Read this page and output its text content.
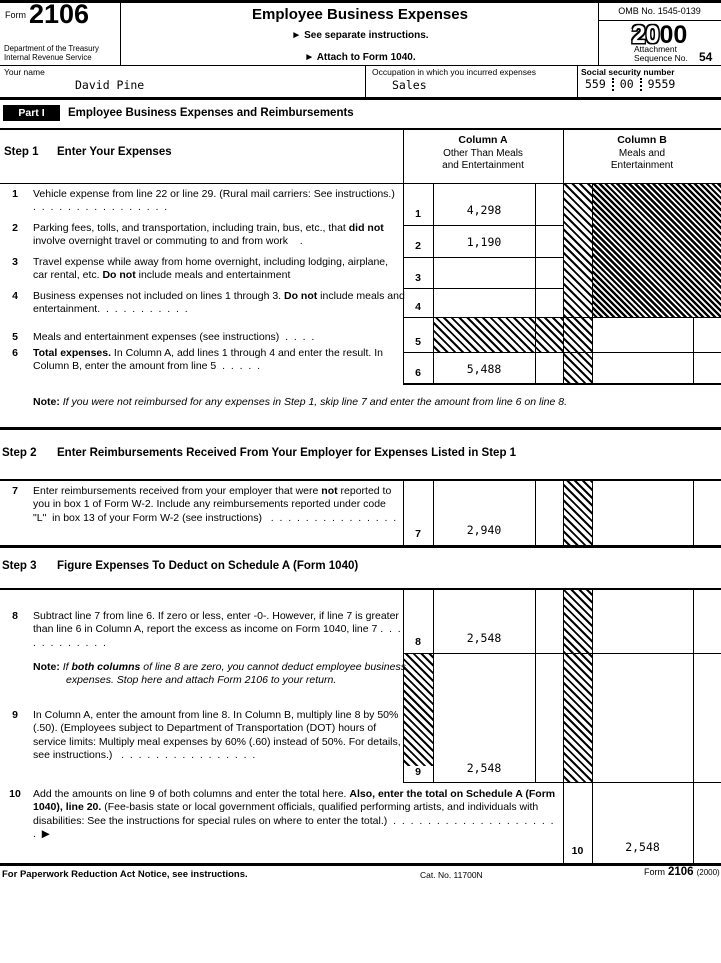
Form 2106
Department of the Treasury
Internal Revenue Service
Employee Business Expenses
► See separate instructions.
► Attach to Form 1040.
OMB No. 1545-0139
2000
Attachment
Sequence No. 54
Your name
David Pine
Occupation in which you incurred expenses
Sales
Social security number
559 00 9559
Part I	Employee Business Expenses and Reimbursements
Step 1 Enter Your Expenses
Column A
Other Than Meals
and Entertainment
Column B
Meals and
Entertainment
1	Vehicle expense from line 22 or line 29. (Rural mail carriers: See instructions.)   .  .  .  .  .  .  .  .  .  .  .  .  .  .  .  .
2	Parking fees, tolls, and transportation, including train, bus, etc., that did not involve overnight travel or commuting to and from work    .
3	Travel expense while away from home overnight, including lodging, airplane, car rental, etc. Do not include meals and entertainment
4	Business expenses not included on lines 1 through 3. Do not include meals and entertainment.  .  .  .  .  .  .  .  .  .  .
5	Meals and entertainment expenses (see instructions)  .  .  .  .
6	Total expenses. In Column A, add lines 1 through 4 and enter the result. In Column B, enter the amount from line 5  .  .  .  .  .
1	4,298
2	1,190
3
4
5
6	5,488
Note: If you were not reimbursed for any expenses in Step 1, skip line 7 and enter the amount from line 6 on line 8.
Step 2 Enter Reimbursements Received From Your Employer for Expenses Listed in Step 1
7	Enter reimbursements received from your employer that were not reported to you in box 1 of Form W-2. Include any reimbursements reported under code  "L"  in box 13 of your Form W-2 (see instructions)   .  .  .  .  .  .  .  .  .  .  .  .  .  .  .  .
7	2,940
Step 3 Figure Expenses To Deduct on Schedule A (Form 1040)
8	Subtract line 7 from line 6. If zero or less, enter -0-. However, if line 7 is greater than line 6 in Column A, report the excess as income on Form 1040, line 7 .  .  .  .  .  .  .  .  .  .  .  .	8	2,548
Note: If both columns of line 8 are zero, you cannot deduct employee business expenses. Stop here and attach Form 2106 to your return.
9	In Column A, enter the amount from line 8. In Column B, multiply line 8 by 50% (.50). (Employees subject to Department of Transportation (DOT) hours of service limits: Multiply meal expenses by 60% (.60) instead of 50%. For details, see instructions.)   .  .  .  .  .  .  .  .  .  .  .  .  .  .  .  .
9	2,548
10	Add the amounts on line 9 of both columns and enter the total here. Also, enter the total on Schedule A (Form 1040), line 20. (Fee-basis state or local government officials, qualified performing artists, and individuals with disabilities: See the instructions for special rules on where to enter the total.)  .  .  .  .  .  .  .  .  .  .  .  .  .  .  .  .  .  .  .  .  ▶
10	2,548
For Paperwork Reduction Act Notice, see instructions.	Cat. No. 11700N	Form 2106 (2000)
